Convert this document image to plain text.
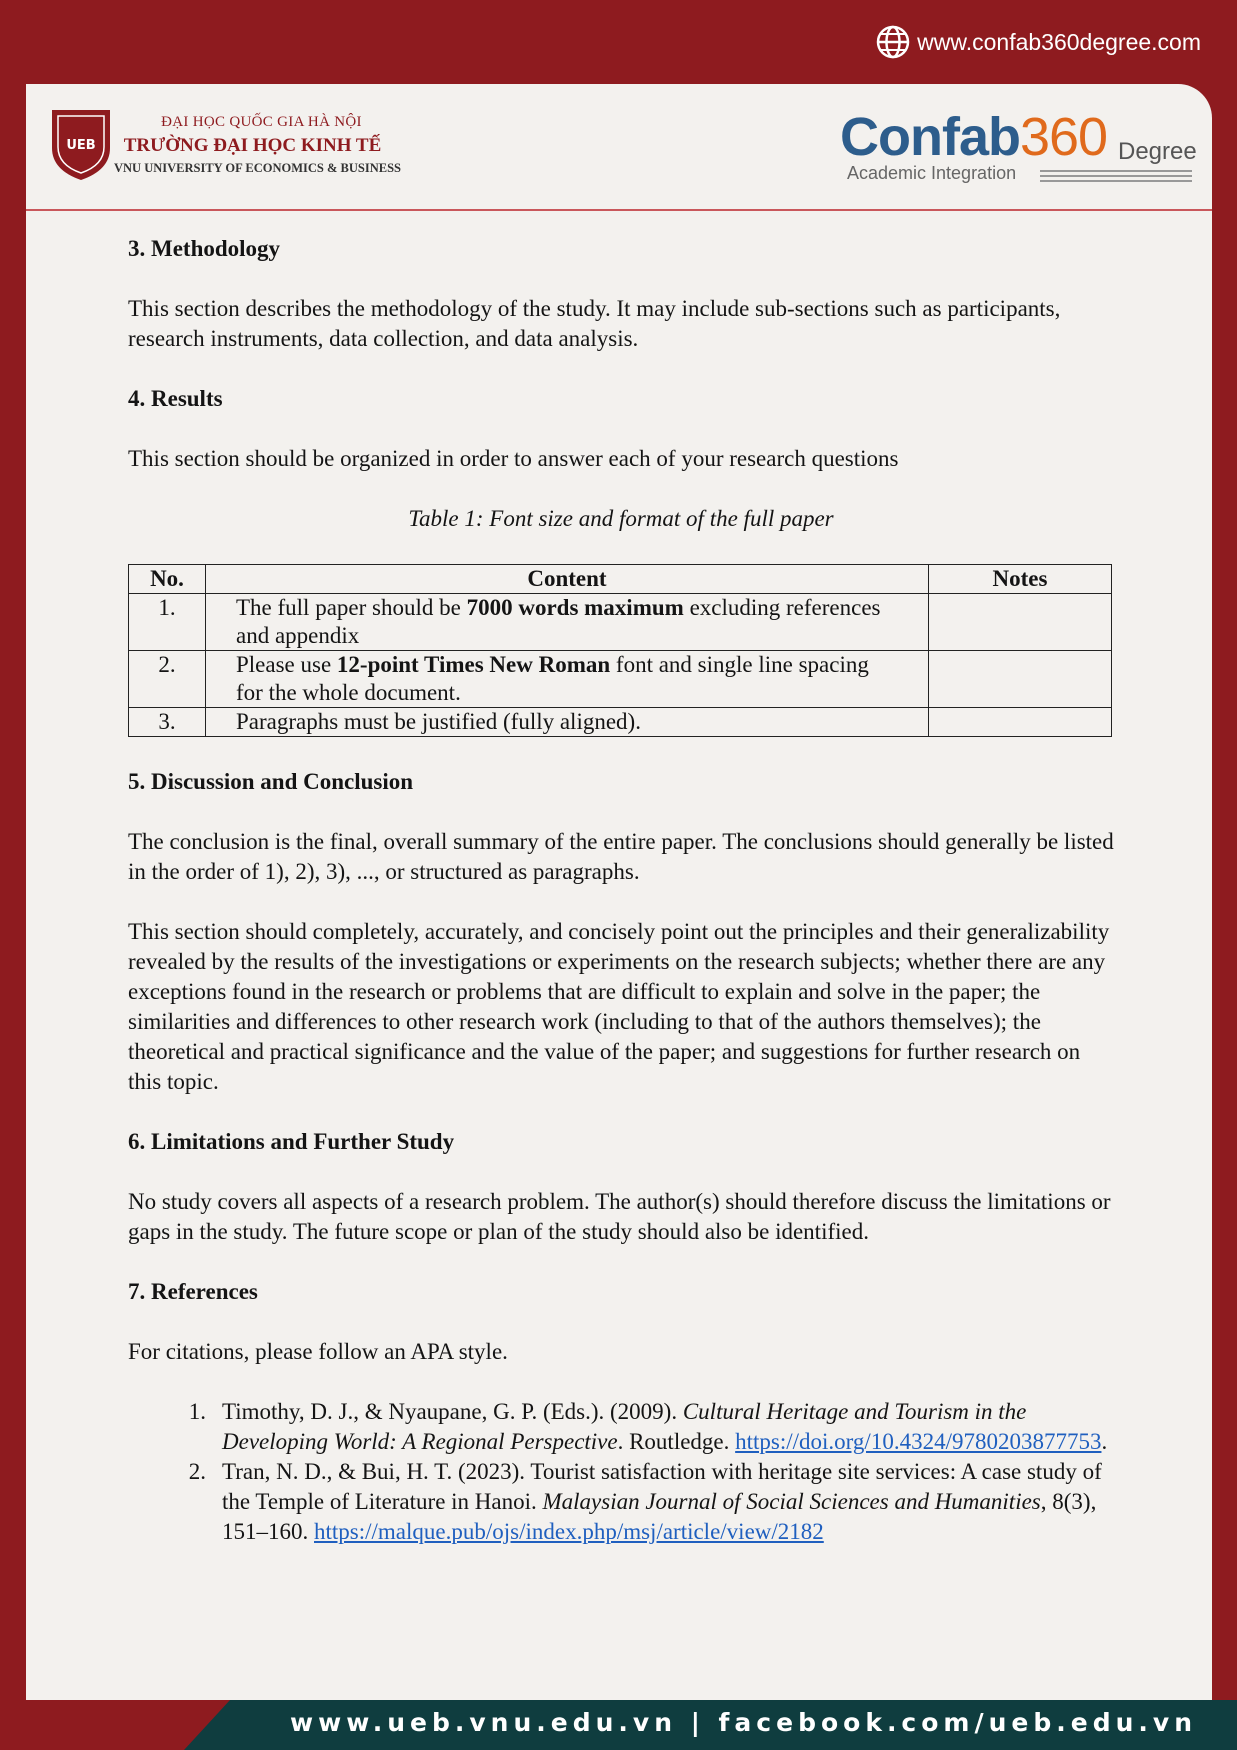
www.confab360degree.com
UEB
ĐẠI HỌC QUỐC GIA HÀ NỘI
TRƯỜNG ĐẠI HỌC KINH TẾ
VNU UNIVERSITY OF ECONOMICS & BUSINESS
Confab360 Degree
Academic Integration
3. Methodology

This section describes the methodology of the study. It may include sub-sections such as participants, research instruments, data collection, and data analysis.

4. Results

This section should be organized in order to answer each of your research questions

Table 1: Font size and format of the full paper

No.	Content	Notes
1.	The full paper should be 7000 words maximum excluding references and appendix	
2.	Please use 12-point Times New Roman font and single line spacing for the whole document.	
3.	Paragraphs must be justified (fully aligned).	
5. Discussion and Conclusion

The conclusion is the final, overall summary of the entire paper. The conclusions should generally be listed in the order of 1), 2), 3), ..., or structured as paragraphs.

This section should completely, accurately, and concisely point out the principles and their generalizability revealed by the results of the investigations or experiments on the research subjects; whether there are any exceptions found in the research or problems that are difficult to explain and solve in the paper; the similarities and differences to other research work (including to that of the authors themselves); the theoretical and practical significance and the value of the paper; and suggestions for further research on this topic.

6. Limitations and Further Study

No study covers all aspects of a research problem. The author(s) should therefore discuss the limitations or gaps in the study. The future scope or plan of the study should also be identified.

7. References

For citations, please follow an APA style.

1. Timothy, D. J., & Nyaupane, G. P. (Eds.). (2009). Cultural Heritage and Tourism in the Developing World: A Regional Perspective. Routledge. https://doi.org/10.4324/9780203877753.
2. Tran, N. D., & Bui, H. T. (2023). Tourist satisfaction with heritage site services: A case study of the Temple of Literature in Hanoi. Malaysian Journal of Social Sciences and Humanities, 8(3), 151–160. https://malque.pub/ojs/index.php/msj/article/view/2182
www.ueb.vnu.edu.vn | facebook.com/ueb.edu.vn
